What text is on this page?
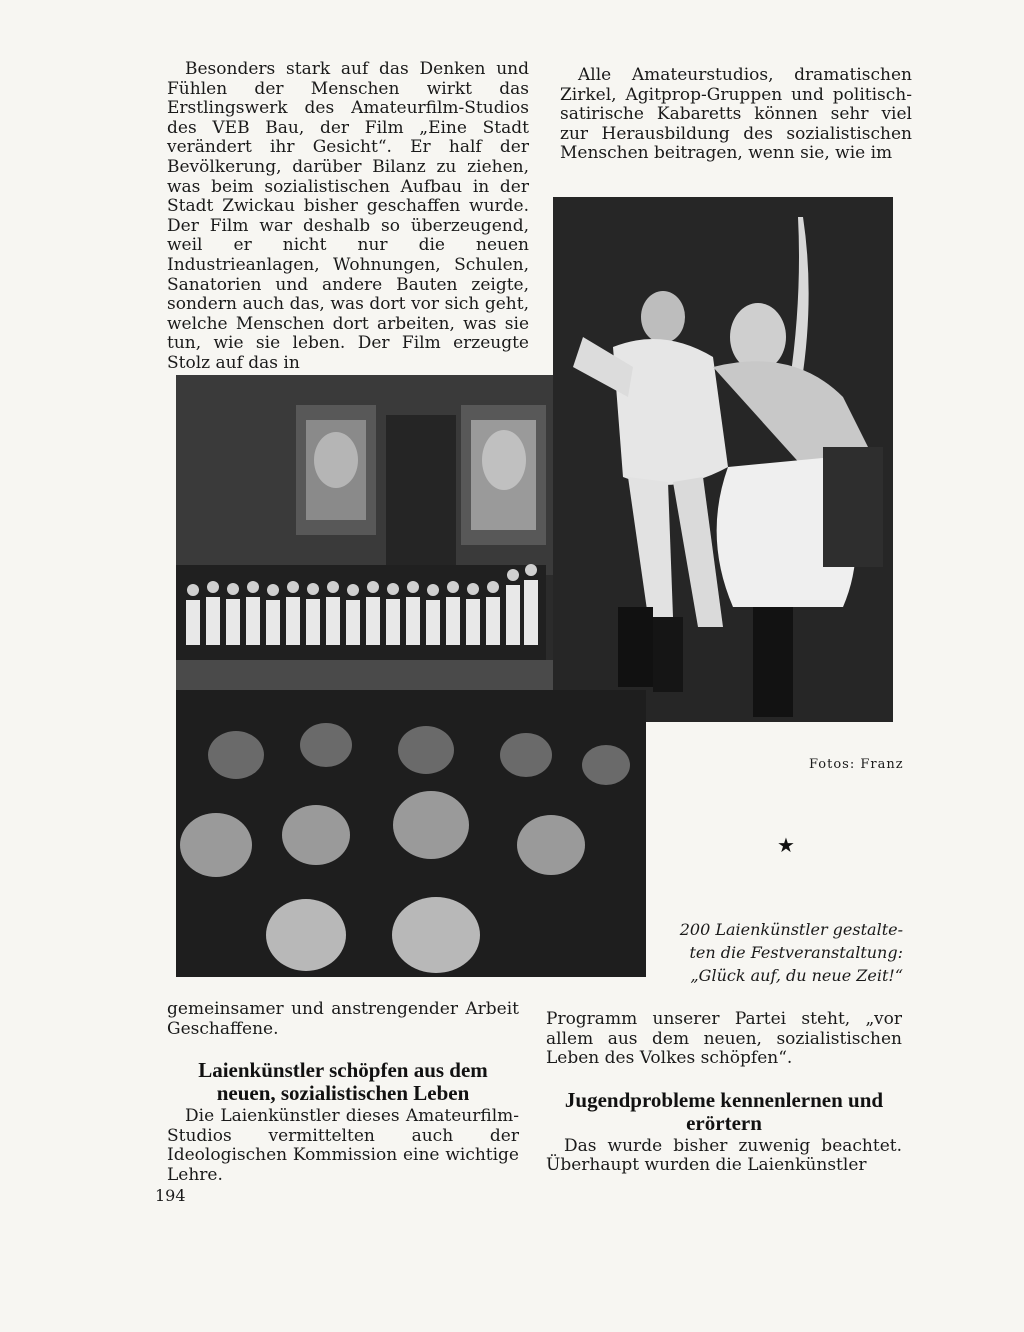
Besonders stark auf das Denken und Fühlen der Menschen wirkt das Erstlingswerk des Amateurfilm-Studios des VEB Bau, der Film „Eine Stadt verändert ihr Gesicht“. Er half der Bevölkerung, darüber Bilanz zu ziehen, was beim sozialistischen Aufbau in der Stadt Zwickau bisher geschaffen wurde. Der Film war deshalb so überzeugend, weil er nicht nur die neuen Industrieanlagen, Wohnungen, Schulen, Sanatorien und andere Bauten zeigte, sondern auch das, was dort vor sich geht, welche Menschen dort arbeiten, was sie tun, wie sie leben. Der Film erzeugte Stolz auf das in

Alle Amateurstudios, dramatischen Zirkel, Agitprop-Gruppen und politisch-satirische Kabaretts können sehr viel zur Herausbildung des sozialistischen Menschen beitragen, wenn sie, wie im

Fotos: Franz
★
200 Laienkünstler gestalte-
ten die Festveranstaltung:
„Glück auf, du neue Zeit!“

gemeinsamer und anstrengender Arbeit Geschaffene.

Laienkünstler schöpfen aus dem neuen, sozialistischen Leben

Die Laienkünstler dieses Amateurfilm-Studios vermittelten auch der Ideologischen Kommission eine wichtige Lehre.

Programm unserer Partei steht, „vor allem aus dem neuen, sozialistischen Leben des Volkes schöpfen“.

Jugendprobleme kennenlernen und erörtern

Das wurde bisher zuwenig beachtet. Überhaupt wurden die Laienkünstler

194
